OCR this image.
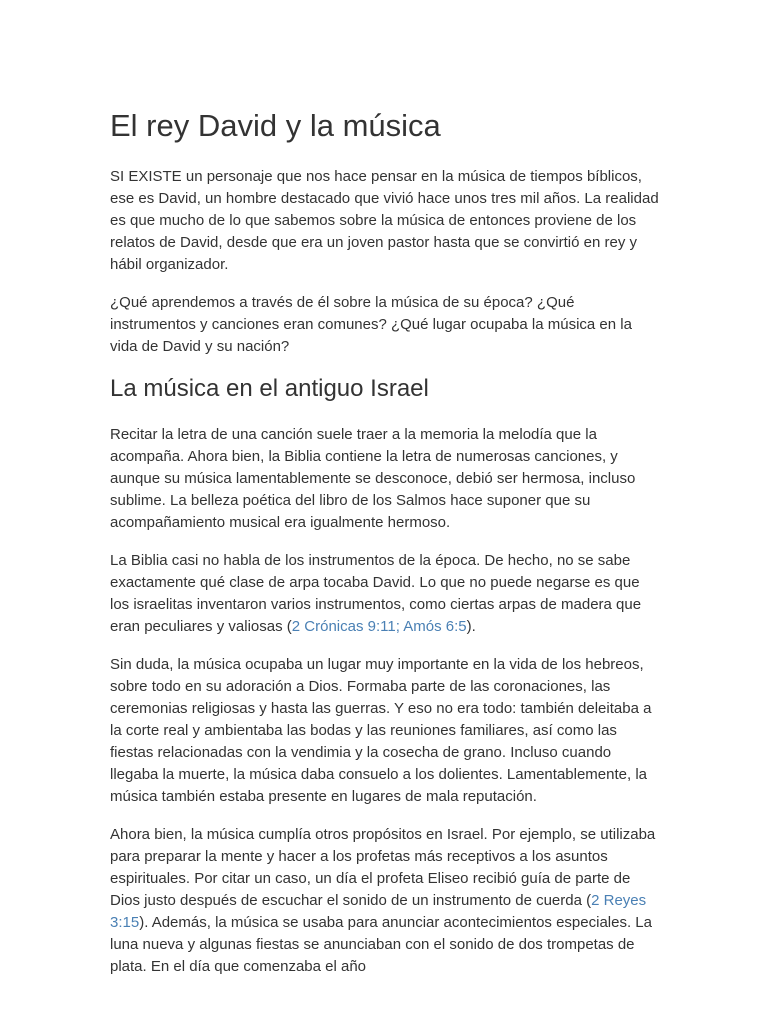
El rey David y la música

SI EXISTE un personaje que nos hace pensar en la música de tiempos bíblicos, ese es David, un hombre destacado que vivió hace unos tres mil años. La realidad es que mucho de lo que sabemos sobre la música de entonces proviene de los relatos de David, desde que era un joven pastor hasta que se convirtió en rey y hábil organizador.

¿Qué aprendemos a través de él sobre la música de su época? ¿Qué instrumentos y canciones eran comunes? ¿Qué lugar ocupaba la música en la vida de David y su nación?

La música en el antiguo Israel

Recitar la letra de una canción suele traer a la memoria la melodía que la acompaña. Ahora bien, la Biblia contiene la letra de numerosas canciones, y aunque su música lamentablemente se desconoce, debió ser hermosa, incluso sublime. La belleza poética del libro de los Salmos hace suponer que su acompañamiento musical era igualmente hermoso.

La Biblia casi no habla de los instrumentos de la época. De hecho, no se sabe exactamente qué clase de arpa tocaba David. Lo que no puede negarse es que los israelitas inventaron varios instrumentos, como ciertas arpas de madera que eran peculiares y valiosas (2 Crónicas 9:11; Amós 6:5).

Sin duda, la música ocupaba un lugar muy importante en la vida de los hebreos, sobre todo en su adoración a Dios. Formaba parte de las coronaciones, las ceremonias religiosas y hasta las guerras. Y eso no era todo: también deleitaba a la corte real y ambientaba las bodas y las reuniones familiares, así como las fiestas relacionadas con la vendimia y la cosecha de grano. Incluso cuando llegaba la muerte, la música daba consuelo a los dolientes. Lamentablemente, la música también estaba presente en lugares de mala reputación.

Ahora bien, la música cumplía otros propósitos en Israel. Por ejemplo, se utilizaba para preparar la mente y hacer a los profetas más receptivos a los asuntos espirituales. Por citar un caso, un día el profeta Eliseo recibió guía de parte de Dios justo después de escuchar el sonido de un instrumento de cuerda (2 Reyes 3:15). Además, la música se usaba para anunciar acontecimientos especiales. La luna nueva y algunas fiestas se anunciaban con el sonido de dos trompetas de plata. En el día que comenzaba el año
